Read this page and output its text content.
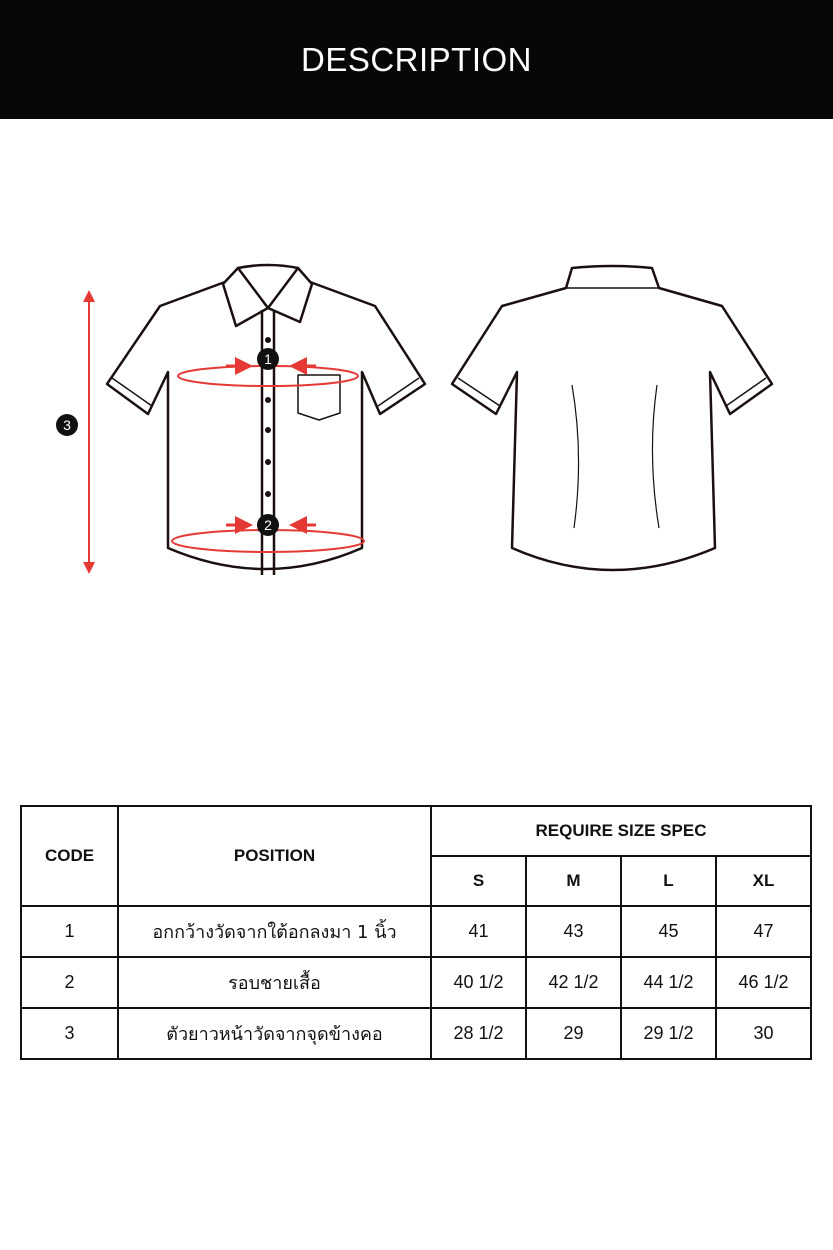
DESCRIPTION
1
2
3
CODE	POSITION	REQUIRE SIZE SPEC			
		S	M	L	XL
1	อกกว้างวัดจากใต้อกลงมา 1 นิ้ว	41	43	45	47
2	รอบชายเสื้อ	40 1/2	42 1/2	44 1/2	46 1/2
3	ตัวยาวหน้าวัดจากจุดข้างคอ	28 1/2	29	29 1/2	30
